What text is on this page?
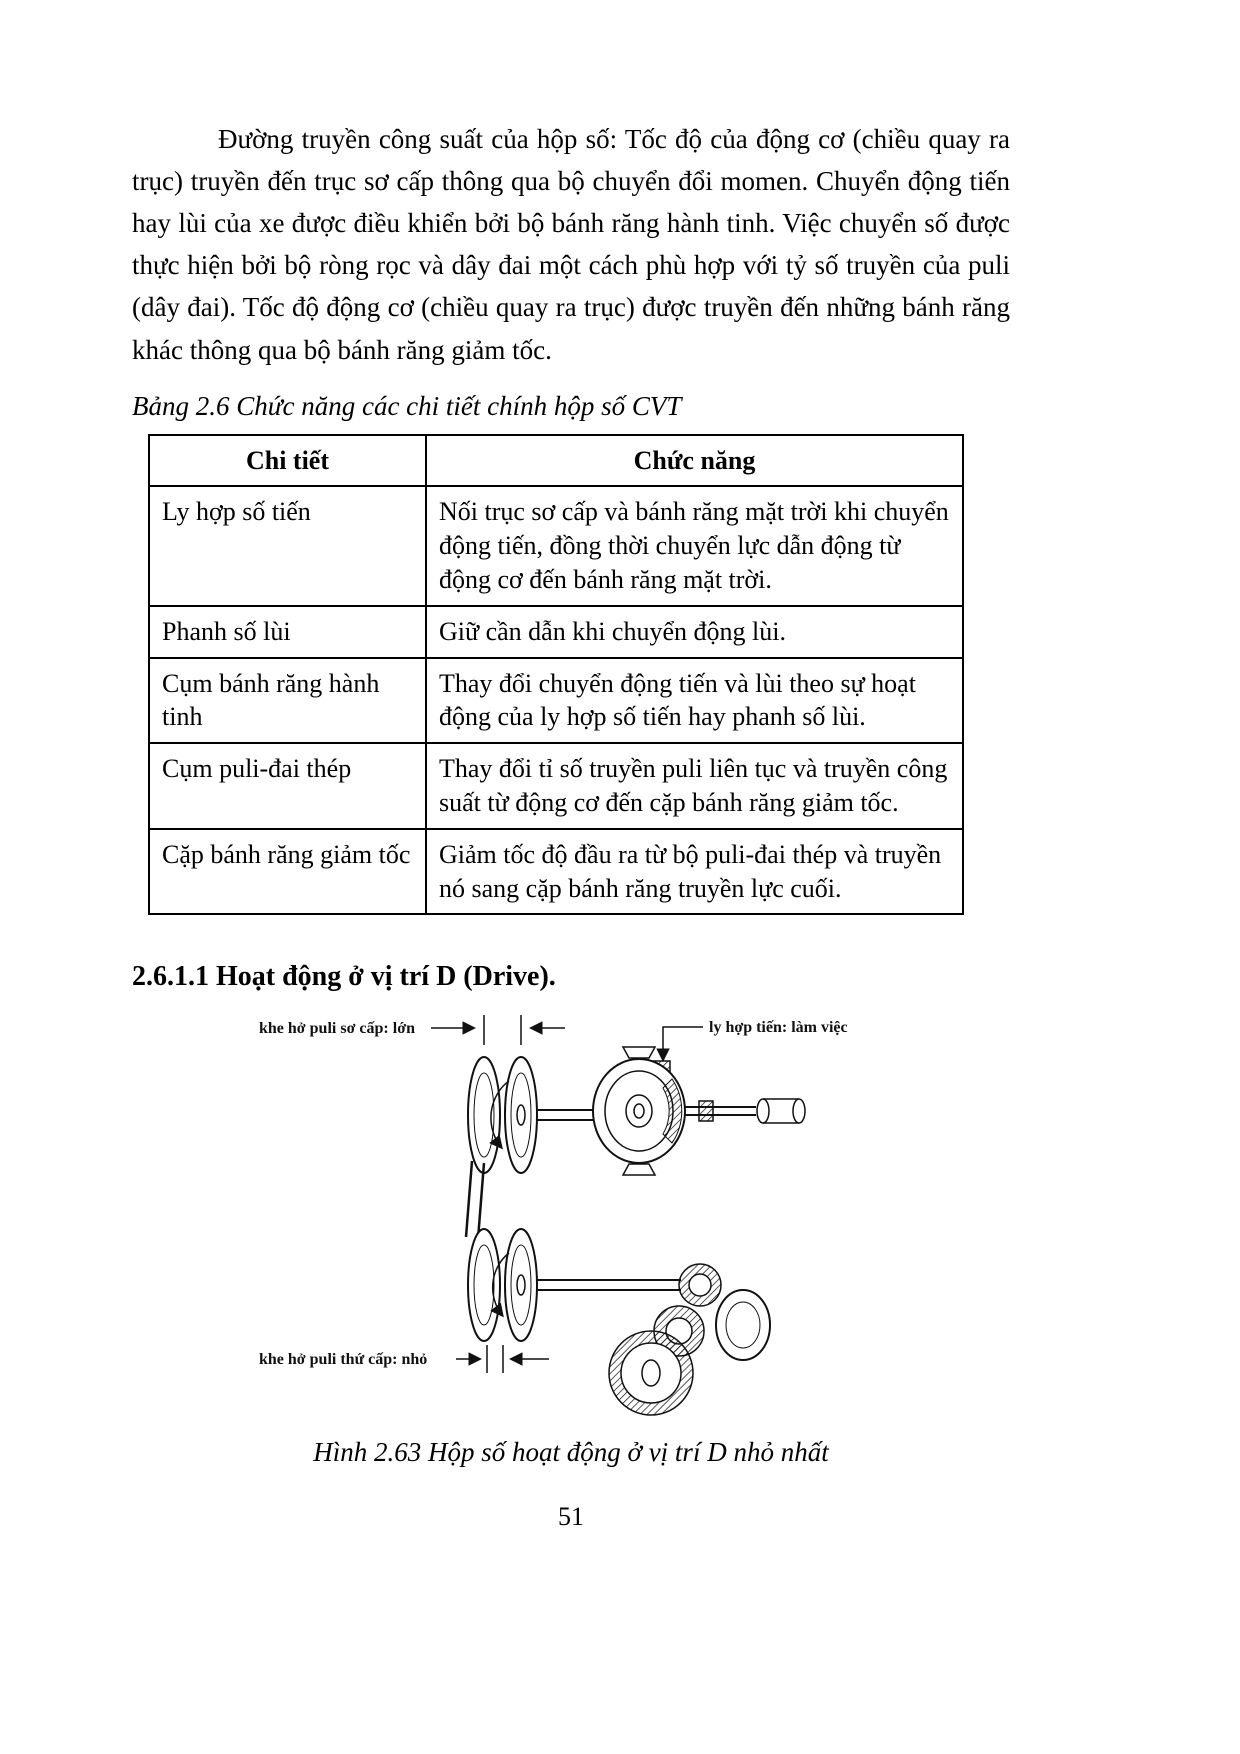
Đường truyền công suất của hộp số: Tốc độ của động cơ (chiều quay ra trục) truyền đến trục sơ cấp thông qua bộ chuyển đổi momen. Chuyển động tiến hay lùi của xe được điều khiển bởi bộ bánh răng hành tinh. Việc chuyển số được thực hiện bởi bộ ròng rọc và dây đai một cách phù hợp với tỷ số truyền của puli (dây đai). Tốc độ động cơ (chiều quay ra trục) được truyền đến những bánh răng khác thông qua bộ bánh răng giảm tốc.

Bảng 2.6 Chức năng các chi tiết chính hộp số CVT

Chi tiết	Chức năng
Ly hợp số tiến	Nối trục sơ cấp và bánh răng mặt trời khi chuyển động tiến, đồng thời chuyển lực dẫn động từ động cơ đến bánh răng mặt trời.
Phanh số lùi	Giữ cần dẫn khi chuyển động lùi.
Cụm bánh răng hành tinh	Thay đổi chuyển động tiến và lùi theo sự hoạt động của ly hợp số tiến hay phanh số lùi.
Cụm puli-đai thép	Thay đổi tỉ số truyền puli liên tục và truyền công suất từ động cơ đến cặp bánh răng giảm tốc.
Cặp bánh răng giảm tốc	Giảm tốc độ đầu ra từ bộ puli-đai thép và truyền nó sang cặp bánh răng truyền lực cuối.
2.6.1.1 Hoạt động ở vị trí D (Drive).
khe hở puli sơ cấp: lớn	ly hợp tiến: làm việc
khe hở puli thứ cấp: nhỏ

Hình 2.63 Hộp số hoạt động ở vị trí D nhỏ nhất

51
